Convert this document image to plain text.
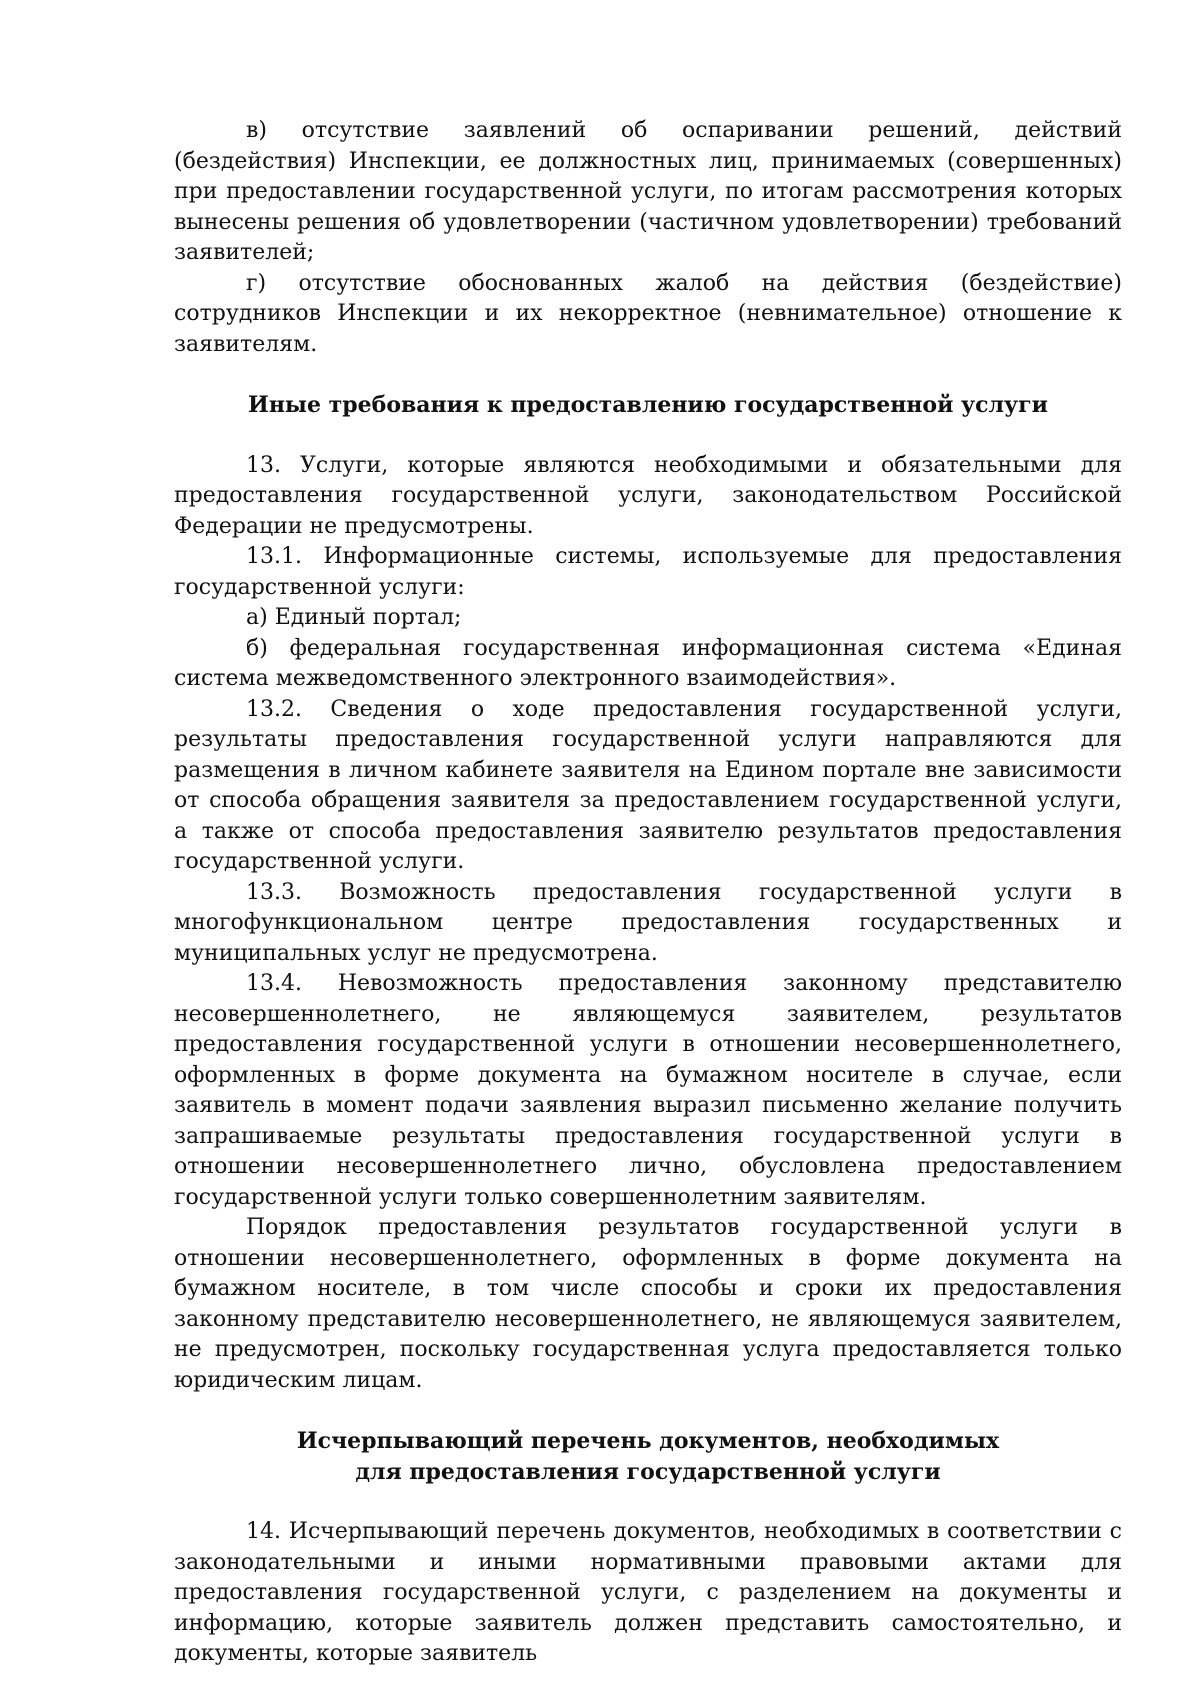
в) отсутствие заявлений об оспаривании решений, действий (бездействия) Инспекции, ее должностных лиц, принимаемых (совершенных) при предоставлении государственной услуги, по итогам рассмотрения которых вынесены решения об удовлетворении (частичном удовлетворении) требований заявителей;

г) отсутствие обоснованных жалоб на действия (бездействие) сотрудников Инспекции и их некорректное (невнимательное) отношение к заявителям.

Иные требования к предоставлению государственной услуги

13. Услуги, которые являются необходимыми и обязательными для предоставления государственной услуги, законодательством Российской Федерации не предусмотрены.

13.1. Информационные системы, используемые для предоставления государственной услуги:

а) Единый портал;

б) федеральная государственная информационная система «Единая система межведомственного электронного взаимодействия».

13.2. Сведения о ходе предоставления государственной услуги, результаты предоставления государственной услуги направляются для размещения в личном кабинете заявителя на Едином портале вне зависимости от способа обращения заявителя за предоставлением государственной услуги, а также от способа предоставления заявителю результатов предоставления государственной услуги.

13.3. Возможность предоставления государственной услуги в многофункциональном центре предоставления государственных и муниципальных услуг не предусмотрена.

13.4. Невозможность предоставления законному представителю несовершеннолетнего, не являющемуся заявителем, результатов предоставления государственной услуги в отношении несовершеннолетнего, оформленных в форме документа на бумажном носителе в случае, если заявитель в момент подачи заявления выразил письменно желание получить запрашиваемые результаты предоставления государственной услуги в отношении несовершеннолетнего лично, обусловлена предоставлением государственной услуги только совершеннолетним заявителям.

Порядок предоставления результатов государственной услуги в отношении несовершеннолетнего, оформленных в форме документа на бумажном носителе, в том числе способы и сроки их предоставления законному представителю несовершеннолетнего, не являющемуся заявителем, не предусмотрен, поскольку государственная услуга предоставляется только юридическим лицам.

Исчерпывающий перечень документов, необходимых
для предоставления государственной услуги

14. Исчерпывающий перечень документов, необходимых в соответствии с законодательными и иными нормативными правовыми актами для предоставления государственной услуги, с разделением на документы и информацию, которые заявитель должен представить самостоятельно, и документы, которые заявитель
